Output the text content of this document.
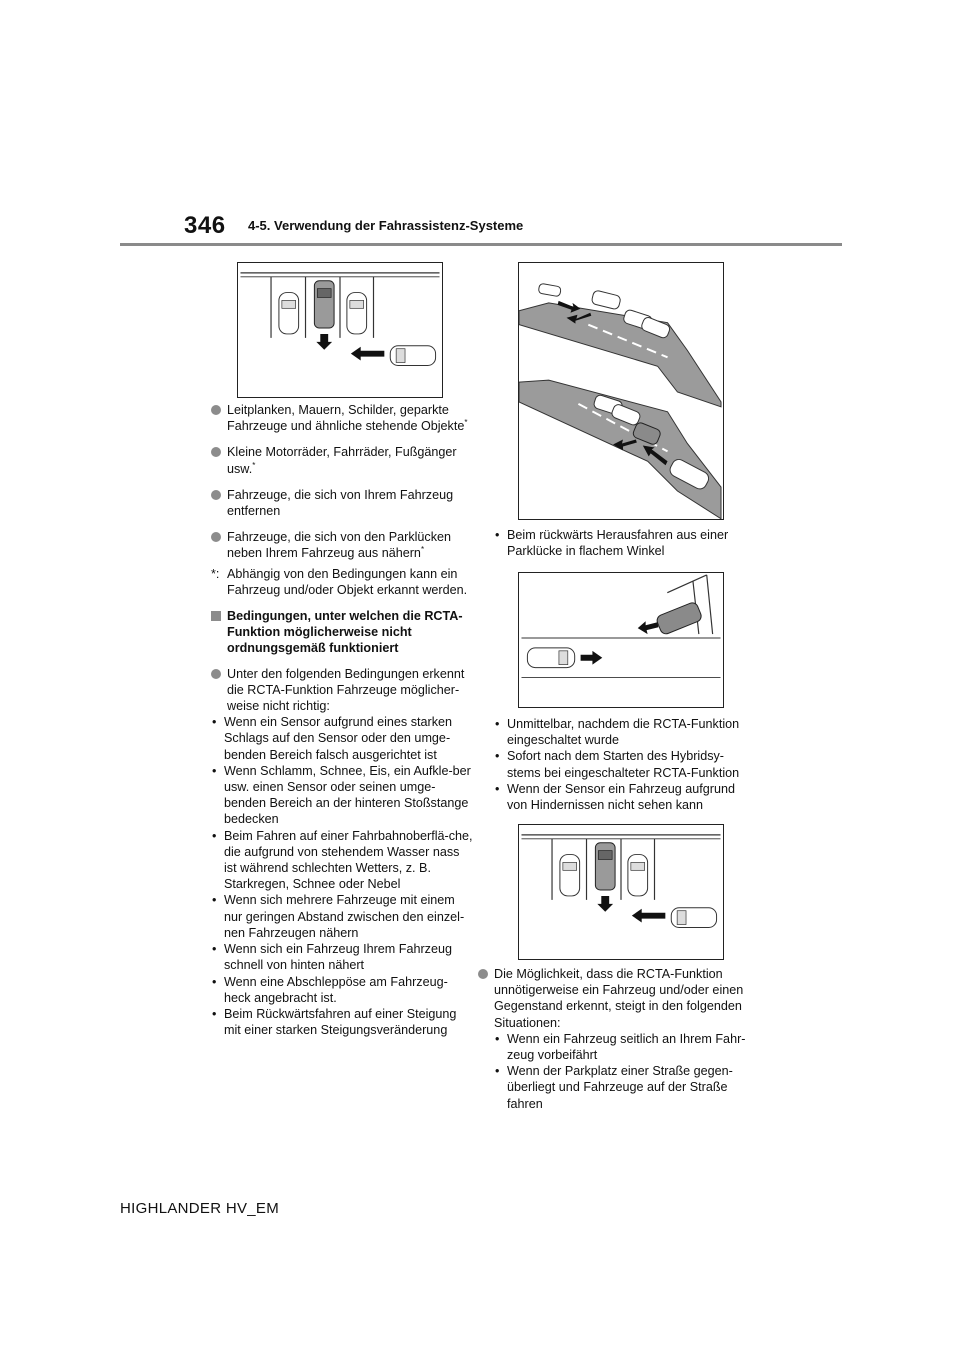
346 4-5. Verwendung der Fahrassistenz-Systeme
Leitplanken, Mauern, Schilder, geparkte Fahrzeuge und ähnliche stehende Objekte*
Kleine Motorräder, Fahrräder, Fußgänger usw.*
Fahrzeuge, die sich von Ihrem Fahrzeug entfernen
Fahrzeuge, die sich von den Parklücken neben Ihrem Fahrzeug aus nähern*
*: Abhängig von den Bedingungen kann ein Fahrzeug und/oder Objekt erkannt werden.
Bedingungen, unter welchen die RCTA-Funktion möglicherweise nicht ordnungsgemäß funktioniert
Unter den folgenden Bedingungen erkennt die RCTA-Funktion Fahrzeuge möglicher-weise nicht richtig:
• Wenn ein Sensor aufgrund eines starken Schlags auf den Sensor oder den umge-benden Bereich falsch ausgerichtet ist
• Wenn Schlamm, Schnee, Eis, ein Aufkle-ber usw. einen Sensor oder seinen umge-benden Bereich an der hinteren Stoßstange bedecken
• Beim Fahren auf einer Fahrbahnoberflä-che, die aufgrund von stehendem Wasser nass ist während schlechten Wetters, z. B. Starkregen, Schnee oder Nebel
• Wenn sich mehrere Fahrzeuge mit einem nur geringen Abstand zwischen den einzel-nen Fahrzeugen nähern
• Wenn sich ein Fahrzeug Ihrem Fahrzeug schnell von hinten nähert
• Wenn eine Abschleppöse am Fahrzeug-heck angebracht ist.
• Beim Rückwärtsfahren auf einer Steigung mit einer starken Steigungsveränderung
• Beim rückwärts Herausfahren aus einer Parklücke in flachem Winkel
• Unmittelbar, nachdem die RCTA-Funktion eingeschaltet wurde
• Sofort nach dem Starten des Hybridsy-stems bei eingeschalteter RCTA-Funktion
• Wenn der Sensor ein Fahrzeug aufgrund von Hindernissen nicht sehen kann
Die Möglichkeit, dass die RCTA-Funktion unnötigerweise ein Fahrzeug und/oder einen Gegenstand erkennt, steigt in den folgenden Situationen:
• Wenn ein Fahrzeug seitlich an Ihrem Fahr-zeug vorbeifährt
• Wenn der Parkplatz einer Straße gegen-überliegt und Fahrzeuge auf der Straße fahren
HIGHLANDER HV_EM
